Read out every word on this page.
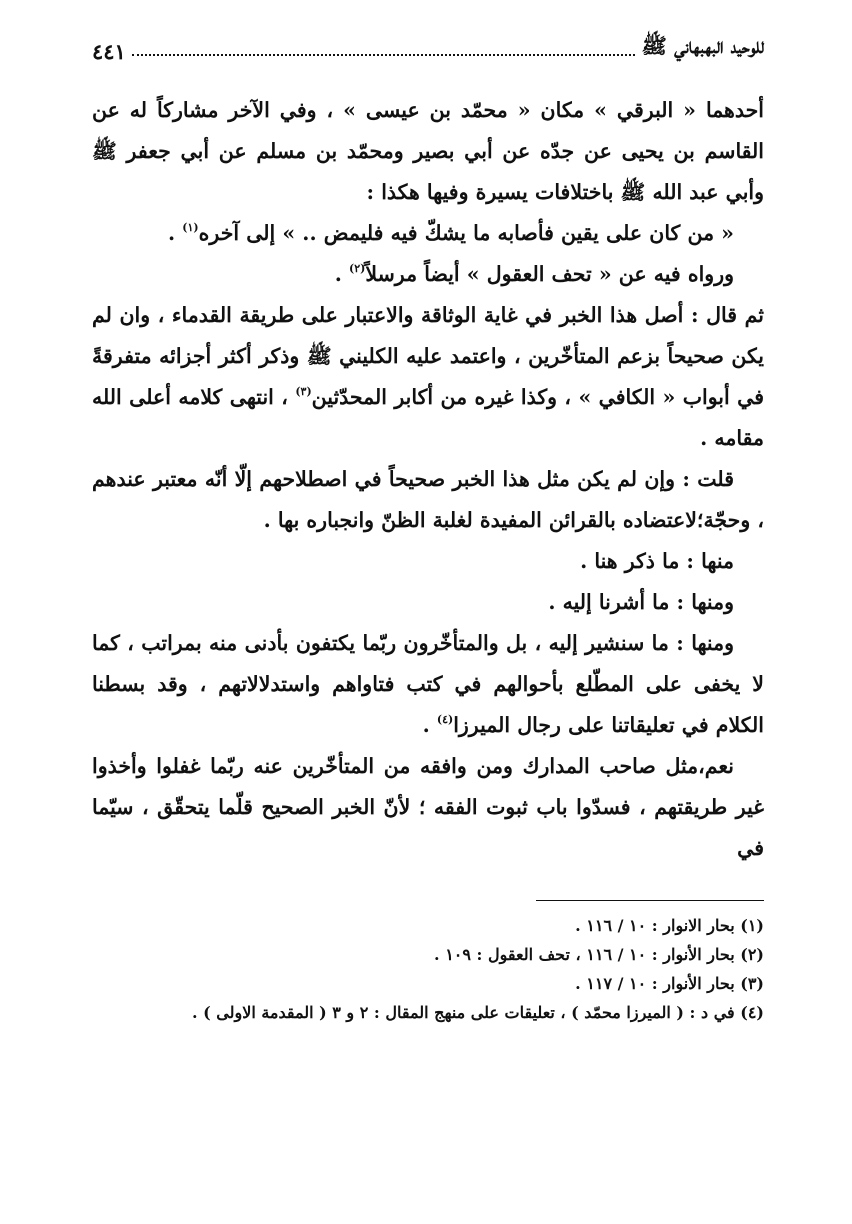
للوحيد البهبهاني ﷺ
٤٤١

أحدهما « البرقي » مكان « محمّد بن عيسى » ، وفي الآخر مشاركاً له عن القاسم بن يحيى عن جدّه عن أبي بصير ومحمّد بن مسلم عن أبي جعفر ﷺ وأبي عبد الله ﷺ باختلافات يسيرة وفيها هكذا :

« من كان على يقين فأصابه ما يشكّ فيه فليمض .. » إلى آخره$^{(١)}$ .

ورواه فيه عن « تحف العقول » أيضاً مرسلاً$^{(٢)}$ .

ثم قال : أصل هذا الخبر في غاية الوثاقة والاعتبار على طريقة القدماء ، وان لم يكن صحيحاً بزعم المتأخّرين ، واعتمد عليه الكليني ﷺ وذكر أكثر أجزائه متفرقةً في أبواب « الكافي » ، وكذا غيره من أكابر المحدّثين$^{(٣)}$ ، انتهى كلامه أعلى الله مقامه .

قلت : وإن لم يكن مثل هذا الخبر صحيحاً في اصطلاحهم إلّا أنّه معتبر عندهم ، وحجّة؛لاعتضاده بالقرائن المفيدة لغلبة الظنّ وانجباره بها .

منها : ما ذكر هنا .

ومنها : ما أشرنا إليه .

ومنها : ما سنشير إليه ، بل والمتأخّرون ربّما يكتفون بأدنى منه بمراتب ، كما لا يخفى على المطّلع بأحوالهم في كتب فتاواهم واستدلالاتهم ، وقد بسطنا الكلام في تعليقاتنا على رجال الميرزا$^{(٤)}$ .

نعم،مثل صاحب المدارك ومن وافقه من المتأخّرين عنه ربّما غفلوا وأخذوا غير طريقتهم ، فسدّوا باب ثبوت الفقه ؛ لأنّ الخبر الصحيح قلّما يتحقّق ، سيّما في

(١) بحار الانوار : ١٠ / ١١٦ .

(٢) بحار الأنوار : ١٠ / ١١٦ ، تحف العقول : ١٠٩ .

(٣) بحار الأنوار : ١٠ / ١١٧ .

(٤) في د : ( الميرزا محمّد ) ، تعليقات على منهج المقال : ٢ و ٣ ( المقدمة الاولى ) .
